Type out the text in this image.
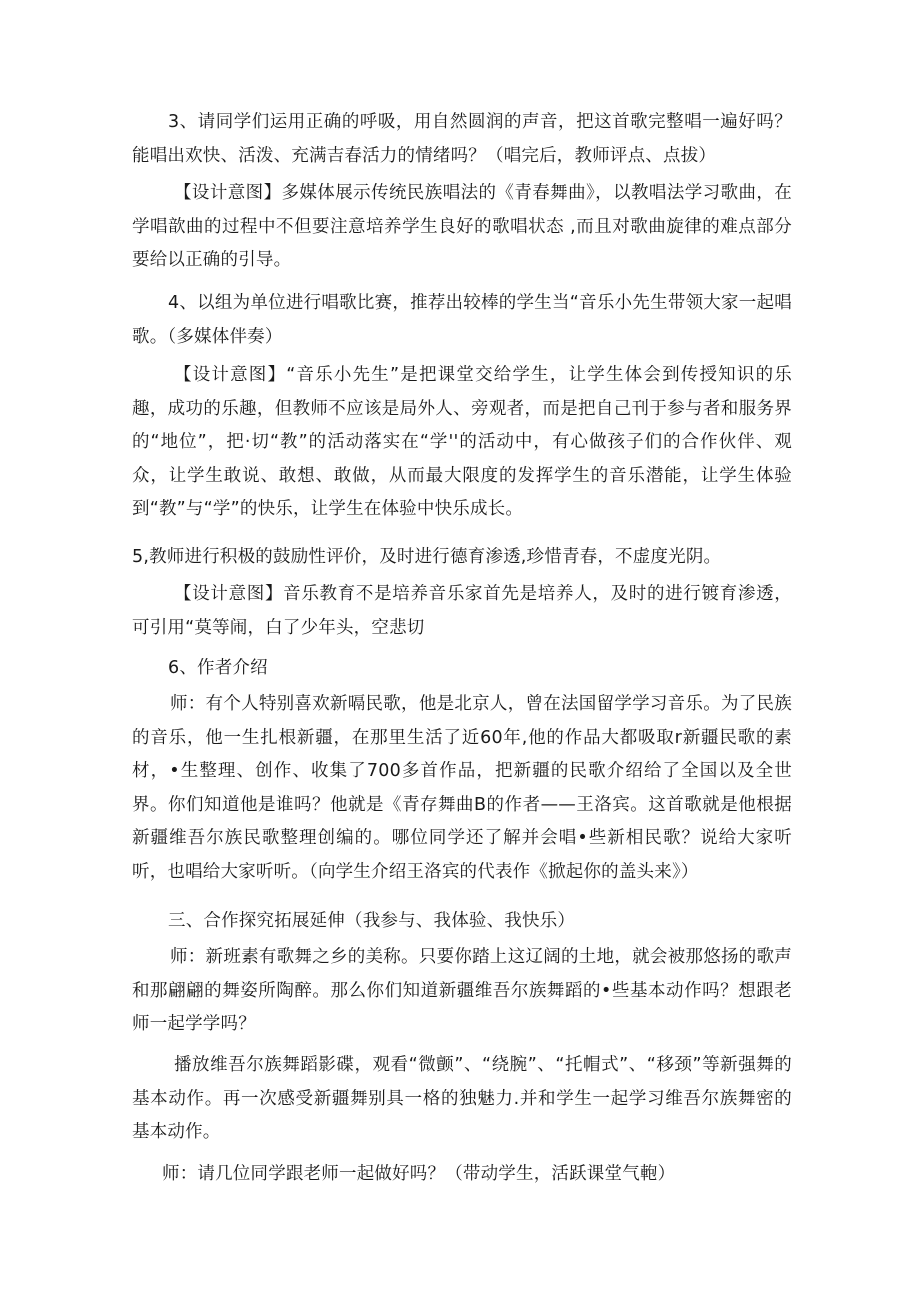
3、请同学们运用正确的呼吸，用自然圆润的声音，把这首歌完整唱一遍好吗？能唱出欢快、活泼、充满吉春活力的情绪吗？（唱完后，教师评点、点拔）

【设计意图】多媒体展示传统民族唱法的《青春舞曲》，以教唱法学习歌曲，在学唱歆曲的过程中不但要注意培养学生良好的歌唱状态 ,而且对歌曲旋律的难点部分要给以正确的引导。

4、以组为单位进行唱歌比赛，推荐出较棒的学生当“音乐小先生带领大家一起唱歌。（多媒体伴奏）

【设计意图】“音乐小先生”是把课堂交给学生，让学生体会到传授知识的乐趣，成功的乐趣，但教师不应该是局外人、旁观者，而是把自己刊于参与者和服务界的“地位”，把·切“教”的活动落实在“学''的活动中，有心做孩子们的合作伙伴、观众，让学生敢说、敢想、敢做，从而最大限度的发挥学生的音乐潜能，让学生体验到“教”与“学”的快乐，让学生在体验中快乐成长。

5,教师进行积极的鼓励性评价，及时进行德育渗透,珍惜青春，不虚度光阴。

【设计意图】音乐教育不是培养音乐家首先是培养人，及时的进行镀育渗透，可引用“莫等闹，白了少年头，空悲切

6、作者介绍

师：有个人特别喜欢新嗝民歌，他是北京人，曾在法国留学学习音乐。为了民族的音乐，他一生扎根新疆，在那里生活了近60年,他的作品大都吸取r新疆民歌的素材，•生整理、创作、收集了700多首作品，把新疆的民歌介绍给了全国以及全世界。你们知道他是谁吗？他就是《青存舞曲B的作者——王洛宾。这首歌就是他根据新疆维吾尔族民歌整理创编的。哪位同学还了解并会唱•些新相民歌？说给大家听听，也唱给大家听听。（向学生介绍王洛宾的代表作《掀起你的盖头来》）

三、合作探究拓展延伸（我参与、我体验、我快乐）

师：新班素有歌舞之乡的美称。只要你踏上这辽阔的土地，就会被那悠扬的歌声和那翩翩的舞姿所陶醉。那么你们知道新疆维吾尔族舞蹈的•些基本动作吗？想跟老师一起学学吗？

播放维吾尔族舞蹈影碟，观看“微颤”、“绕腕”、“托帽式”、“移颈”等新强舞的基本动作。再一次感受新疆舞别具一格的独魅力.并和学生一起学习维吾尔族舞密的基本动作。

师：请几位同学跟老师一起做好吗？（带动学生，活跃课堂气軳）
